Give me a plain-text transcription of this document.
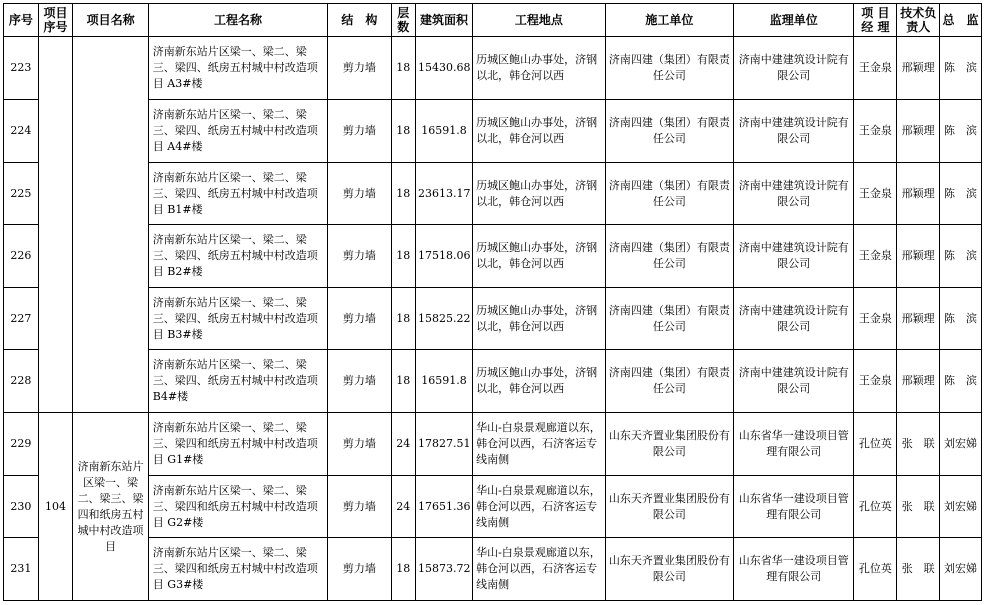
序号	项目序号	项目名称	工程名称	结　构	层数	建筑面积	工程地点	施工单位	监理单位	项 目经 理	技术负责人	总　监
223			济南新东站片区梁一、梁二、梁三、梁四、纸房五村城中村改造项目 A3#楼	剪力墙	18	15430.68	历城区鲍山办事处，济钢以北，韩仓河以西	济南四建（集团）有限责任公司	济南中建建筑设计院有限公司	王金泉	邢颖理	陈　滨
224			济南新东站片区梁一、梁二、梁三、梁四、纸房五村城中村改造项目 A4#楼	剪力墙	18	16591.8	历城区鲍山办事处，济钢以北，韩仓河以西	济南四建（集团）有限责任公司	济南中建建筑设计院有限公司	王金泉	邢颖理	陈　滨
225			济南新东站片区梁一、梁二、梁三、梁四、纸房五村城中村改造项目 B1#楼	剪力墙	18	23613.17	历城区鲍山办事处，济钢以北，韩仓河以西	济南四建（集团）有限责任公司	济南中建建筑设计院有限公司	王金泉	邢颖理	陈　滨
226			济南新东站片区梁一、梁二、梁三、梁四、纸房五村城中村改造项目 B2#楼	剪力墙	18	17518.06	历城区鲍山办事处，济钢以北，韩仓河以西	济南四建（集团）有限责任公司	济南中建建筑设计院有限公司	王金泉	邢颖理	陈　滨
227			济南新东站片区梁一、梁二、梁三、梁四、纸房五村城中村改造项目 B3#楼	剪力墙	18	15825.22	历城区鲍山办事处，济钢以北，韩仓河以西	济南四建（集团）有限责任公司	济南中建建筑设计院有限公司	王金泉	邢颖理	陈　滨
228			济南新东站片区梁一、梁二、梁三、梁四、纸房五村城中村改造项 B4#楼	剪力墙	18	16591.8	历城区鲍山办事处，济钢以北，韩仓河以西	济南四建（集团）有限责任公司	济南中建建筑设计院有限公司	王金泉	邢颖理	陈　滨
229	104	济南新东站片区梁一、梁二、梁三、梁四和纸房五村城中村改造项目	济南新东站片区梁一、梁二、梁三、梁四和纸房五村城中村改造项目 G1#楼	剪力墙	24	17827.51	华山-白泉景观廊道以东，韩仓河以西，石济客运专线南侧	山东天齐置业集团股份有限公司	山东省华一建设项目管理有限公司	孔位英	张　联	刘宏娣
230			济南新东站片区梁一、梁二、梁三、梁四和纸房五村城中村改造项目 G2#楼	剪力墙	24	17651.36	华山-白泉景观廊道以东，韩仓河以西，石济客运专线南侧	山东天齐置业集团股份有限公司	山东省华一建设项目管理有限公司	孔位英	张　联	刘宏娣
231			济南新东站片区梁一、梁二、梁三、梁四和纸房五村城中村改造项目 G3#楼	剪力墙	18	15873.72	华山-白泉景观廊道以东，韩仓河以西，石济客运专线南侧	山东天齐置业集团股份有限公司	山东省华一建设项目管理有限公司	孔位英	张　联	刘宏娣
